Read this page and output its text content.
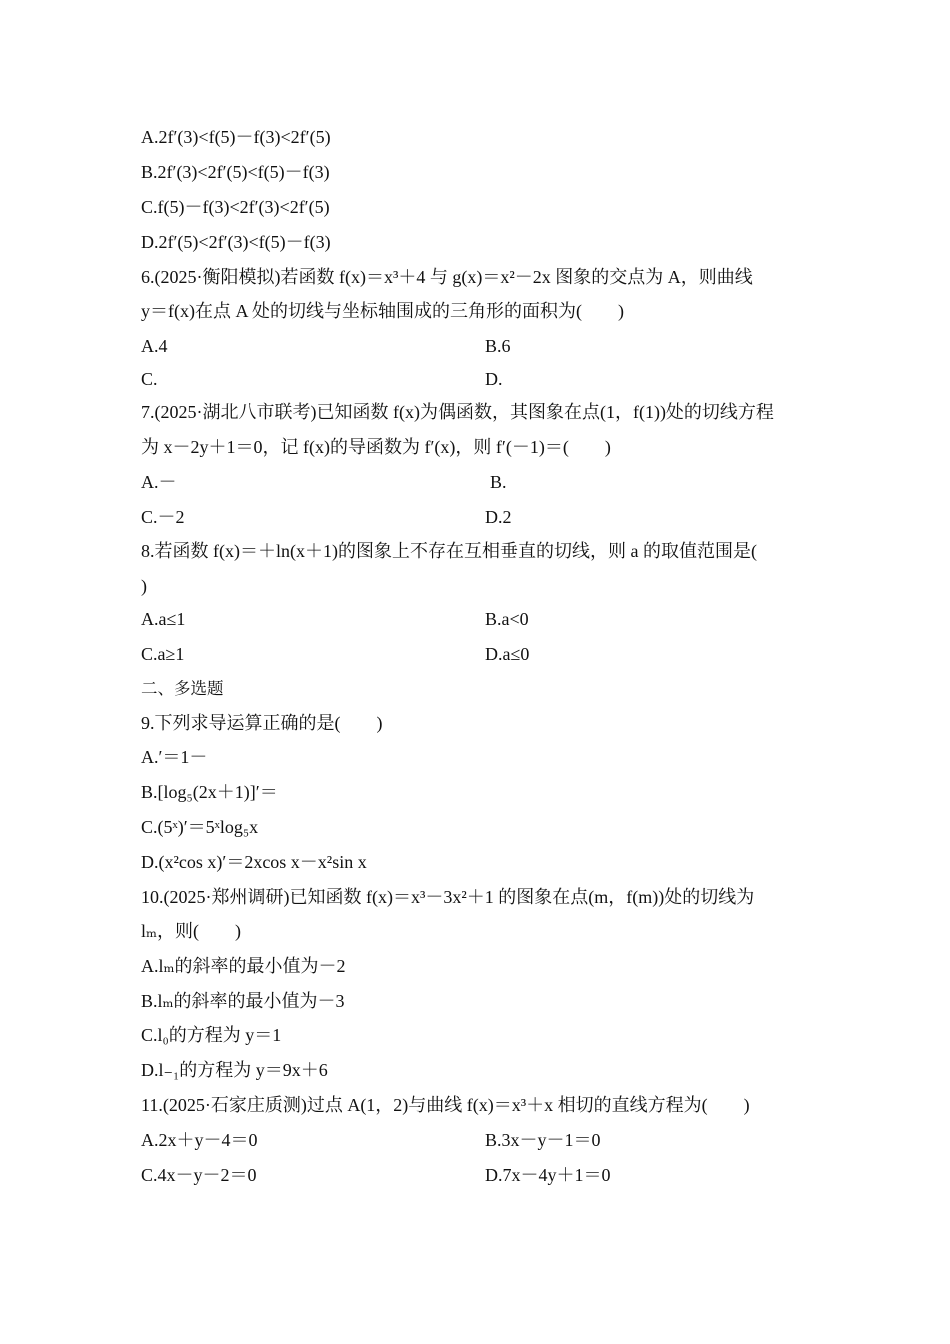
A.2f′(3)<f(5)－f(3)<2f′(5)
B.2f′(3)<2f′(5)<f(5)－f(3)
C.f(5)－f(3)<2f′(3)<2f′(5)
D.2f′(5)<2f′(3)<f(5)－f(3)
6.(2025·衡阳模拟)若函数 f(x)＝x³＋4 与 g(x)＝x²－2x 图象的交点为 A，则曲线
y＝f(x)在点 A 处的切线与坐标轴围成的三角形的面积为(　　)
A.4	B.6
C.	D.
7.(2025·湖北八市联考)已知函数 f(x)为偶函数，其图象在点(1，f(1))处的切线方程
为 x－2y＋1＝0，记 f(x)的导函数为 f′(x)，则 f′(－1)＝(　　)
A.－	B.
C.－2	D.2
8.若函数 f(x)＝＋ln(x＋1)的图象上不存在互相垂直的切线，则 a 的取值范围是(
)
A.a≤1	B.a<0
C.a≥1	D.a≤0
二、多选题
9.下列求导运算正确的是(　　)
A.′＝1－
B.[log₅(2x＋1)]′＝
C.(5ˣ)′＝5ˣlog₅x
D.(x²cos x)′＝2xcos x－x²sin x
10.(2025·郑州调研)已知函数 f(x)＝x³－3x²＋1 的图象在点(m，f(m))处的切线为
lₘ，则(　　)
A.lₘ的斜率的最小值为－2
B.lₘ的斜率的最小值为－3
C.l₀的方程为 y＝1
D.l₋₁的方程为 y＝9x＋6
11.(2025·石家庄质测)过点 A(1，2)与曲线 f(x)＝x³＋x 相切的直线方程为(　　)
A.2x＋y－4＝0	B.3x－y－1＝0
C.4x－y－2＝0	D.7x－4y＋1＝0
